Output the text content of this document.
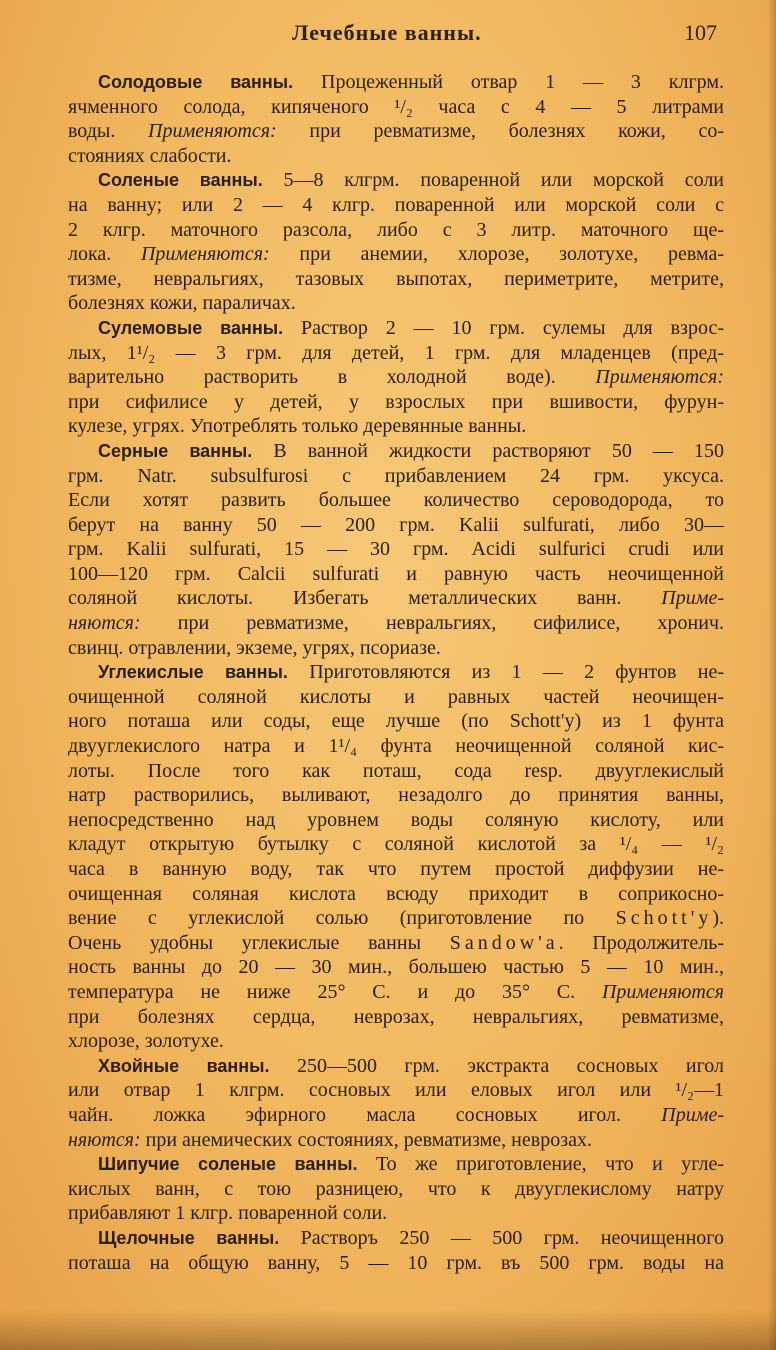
Лечебные ванны.	107
Солодовые ванны. Процеженный отвар 1 — 3 клгрм.
ячменного солода, кипяченого ¹/₂ часа с 4 — 5 литрами
воды. Применяются: при ревматизме, болезнях кожи, со-
стояниях слабости.
Соленые ванны. 5—8 клгрм. поваренной или морской соли
на ванну; или 2 — 4 клгр. поваренной или морской соли с
2 клгр. маточного разсола, либо с 3 литр. маточного ще-
лока. Применяются: при анемии, хлорозе, золотухе, ревма-
тизме, невральгиях, тазовых выпотах, периметрите, метрите,
болезнях кожи, параличах.
Сулемовые ванны. Раствор 2 — 10 грм. сулемы для взрос-
лых, 1¹/₂ — 3 грм. для детей, 1 грм. для младенцев (пред-
варительно растворить в холодной воде). Применяются:
при сифилисе у детей, у взрослых при вшивости, фурун-
кулезе, угрях. Употреблять только деревянные ванны.
Серные ванны. В ванной жидкости растворяют 50 — 150
грм. Natr. subsulfurosi с прибавлением 24 грм. уксуса.
Если хотят развить большее количество сероводорода, то
берут на ванну 50 — 200 грм. Kalii sulfurati, либо 30—
грм. Kalii sulfurati, 15 — 30 грм. Acidi sulfurici crudi или
100—120 грм. Calcii sulfurati и равную часть неочищенной
соляной кислоты. Избегать металлических ванн. Приме-
няются: при ревматизме, невральгиях, сифилисе, хронич.
свинц. отравлении, экземе, угрях, псориазе.
Углекислые ванны. Приготовляются из 1 — 2 фунтов не-
очищенной соляной кислоты и равных частей неочищен-
ного поташа или соды, еще лучше (по Schott'у) из 1 фунта
двууглекислого натра и 1¹/₄ фунта неочищенной соляной кис-
лоты. После того как поташ, сода resp. двууглекислый
натр растворились, выливают, незадолго до принятия ванны,
непосредственно над уровнем воды соляную кислоту, или
кладут открытую бутылку с соляной кислотой за ¹/₄ — ¹/₂
часа в ванную воду, так что путем простой диффузии не-
очищенная соляная кислота всюду приходит в соприкосно-
вение с углекислой солью (приготовление по Schott'у).
Очень удобны углекислые ванны Sandow'a. Продолжитель-
ность ванны до 20 — 30 мин., большею частью 5 — 10 мин.,
температура не ниже 25° С. и до 35° С. Применяются
при болезнях сердца, неврозах, невральгиях, ревматизме,
хлорозе, золотухе.
Хвойные ванны. 250—500 грм. экстракта сосновых игол
или отвар 1 клгрм. сосновых или еловых игол или ¹/₂—1
чайн. ложка эфирного масла сосновых игол. Приме-
няются: при анемических состояниях, ревматизме, неврозах.
Шипучие соленые ванны. То же приготовление, что и угле-
кислых ванн, с тою разницею, что к двууглекислому натру
прибавляют 1 клгр. поваренной соли.
Щелочные ванны. Растворъ 250 — 500 грм. неочищенного
поташа на общую ванну, 5 — 10 грм. въ 500 грм. воды на
